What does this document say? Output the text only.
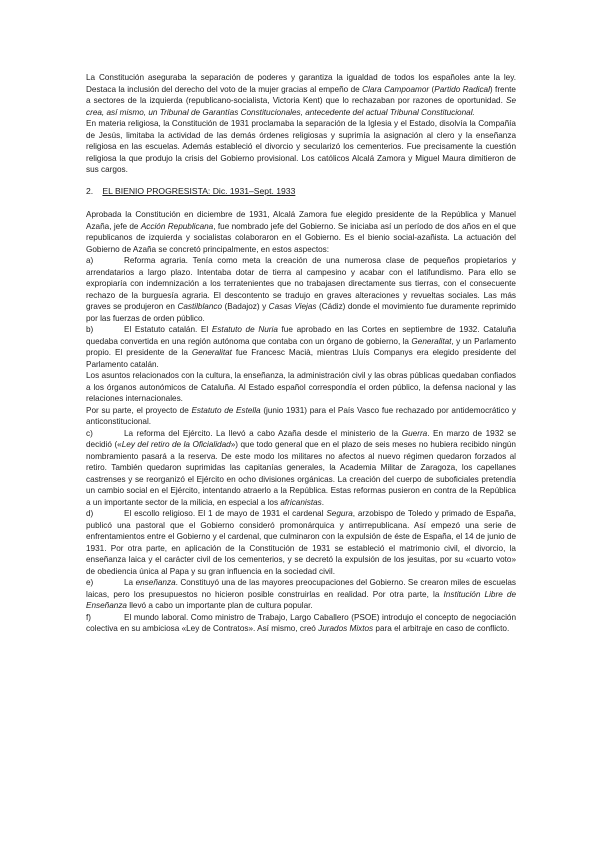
La Constitución aseguraba la separación de poderes y garantiza la igualdad de todos los españoles ante la ley. Destaca la inclusión del derecho del voto de la mujer gracias al empeño de Clara Campoamor (Partido Radical) frente a sectores de la izquierda (republicano-socialista, Victoria Kent) que lo rechazaban por razones de oportunidad. Se crea, así mismo, un Tribunal de Garantías Constitucionales, antecedente del actual Tribunal Constitucional.

En materia religiosa, la Constitución de 1931 proclamaba la separación de la Iglesia y el Estado, disolvía la Compañía de Jesús, limitaba la actividad de las demás órdenes religiosas y suprimía la asignación al clero y la enseñanza religiosa en las escuelas. Además estableció el divorcio y secularizó los cementerios. Fue precisamente la cuestión religiosa la que produjo la crisis del Gobierno provisional. Los católicos Alcalá Zamora y Miguel Maura dimitieron de sus cargos.

2. EL BIENIO PROGRESISTA: Dic. 1931–Sept. 1933

Aprobada la Constitución en diciembre de 1931, Alcalá Zamora fue elegido presidente de la República y Manuel Azaña, jefe de Acción Republicana, fue nombrado jefe del Gobierno. Se iniciaba así un período de dos años en el que republicanos de izquierda y socialistas colaboraron en el Gobierno. Es el bienio social-azañista. La actuación del Gobierno de Azaña se concretó principalmente, en estos aspectos:

a)	Reforma agraria. Tenía como meta la creación de una numerosa clase de pequeños propietarios y arrendatarios a largo plazo. Intentaba dotar de tierra al campesino y acabar con el latifundismo. Para ello se expropiaría con indemnización a los terratenientes que no trabajasen directamente sus tierras, con el consecuente rechazo de la burguesía agraria. El descontento se tradujo en graves alteraciones y revueltas sociales. Las más graves se produjeron en Castilblanco (Badajoz) y Casas Viejas (Cádiz) donde el movimiento fue duramente reprimido por las fuerzas de orden público.

b)	El Estatuto catalán. El Estatuto de Nuria fue aprobado en las Cortes en septiembre de 1932. Cataluña quedaba convertida en una región autónoma que contaba con un órgano de gobierno, la Generalitat, y un Parlamento propio. El presidente de la Generalitat fue Francesc Macià, mientras Lluís Companys era elegido presidente del Parlamento catalán.

Los asuntos relacionados con la cultura, la enseñanza, la administración civil y las obras públicas quedaban confiados a los órganos autonómicos de Cataluña. Al Estado español correspondía el orden público, la defensa nacional y las relaciones internacionales.

Por su parte, el proyecto de Estatuto de Estella (junio 1931) para el País Vasco fue rechazado por antidemocrático y anticonstitucional.

c)	La reforma del Ejército. La llevó a cabo Azaña desde el ministerio de la Guerra. En marzo de 1932 se decidió («Ley del retiro de la Oficialidad») que todo general que en el plazo de seis meses no hubiera recibido ningún nombramiento pasará a la reserva. De este modo los militares no afectos al nuevo régimen quedaron forzados al retiro. También quedaron suprimidas las capitanías generales, la Academia Militar de Zaragoza, los capellanes castrenses y se reorganizó el Ejército en ocho divisiones orgánicas. La creación del cuerpo de suboficiales pretendía un cambio social en el Ejército, intentando atraerlo a la República. Estas reformas pusieron en contra de la República a un importante sector de la milicia, en especial a los africanistas.

d)	El escollo religioso. El 1 de mayo de 1931 el cardenal Segura, arzobispo de Toledo y primado de España, publicó una pastoral que el Gobierno consideró promonárquica y antirrepublicana. Así empezó una serie de enfrentamientos entre el Gobierno y el cardenal, que culminaron con la expulsión de éste de España, el 14 de junio de 1931. Por otra parte, en aplicación de la Constitución de 1931 se estableció el matrimonio civil, el divorcio, la enseñanza laica y el carácter civil de los cementerios, y se decretó la expulsión de los jesuitas, por su «cuarto voto» de obediencia única al Papa y su gran influencia en la sociedad civil.

e)	La enseñanza. Constituyó una de las mayores preocupaciones del Gobierno. Se crearon miles de escuelas laicas, pero los presupuestos no hicieron posible construirlas en realidad. Por otra parte, la Institución Libre de Enseñanza llevó a cabo un importante plan de cultura popular.

f)	El mundo laboral. Como ministro de Trabajo, Largo Caballero (PSOE) introdujo el concepto de negociación colectiva en su ambiciosa «Ley de Contratos». Así mismo, creó Jurados Mixtos para el arbitraje en caso de conflicto.
